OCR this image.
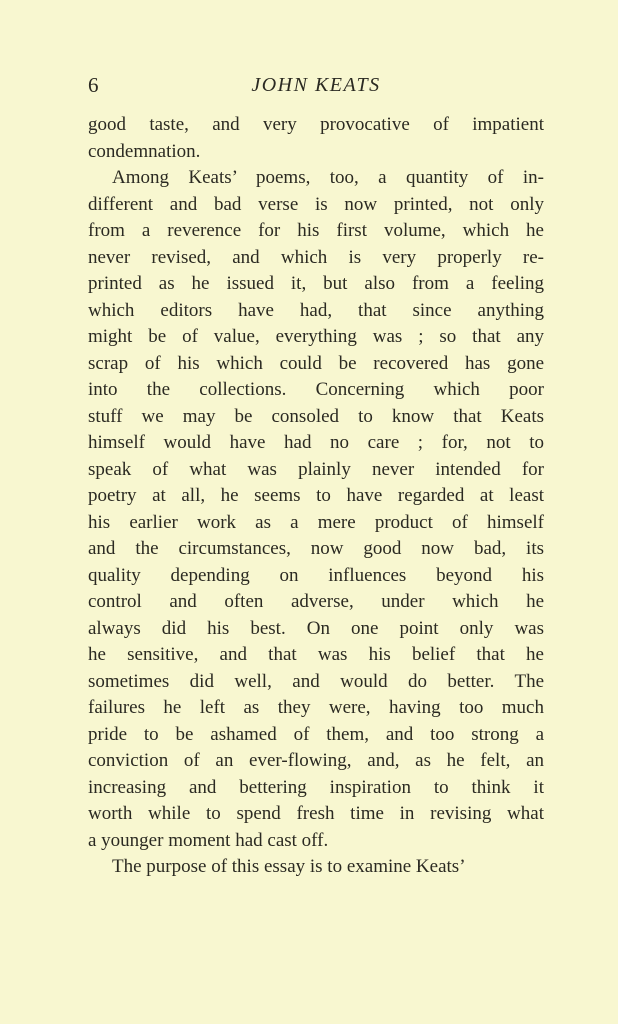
6	JOHN KEATS
good taste, and very provocative of impatient
condemnation.
Among Keats’ poems, too, a quantity of in-
different and bad verse is now printed, not only
from a reverence for his first volume, which he
never revised, and which is very properly re-
printed as he issued it, but also from a feeling
which editors have had, that since anything
might be of value, everything was ; so that any
scrap of his which could be recovered has gone
into the collections. Concerning which poor
stuff we may be consoled to know that Keats
himself would have had no care ; for, not to
speak of what was plainly never intended for
poetry at all, he seems to have regarded at least
his earlier work as a mere product of himself
and the circumstances, now good now bad, its
quality depending on influences beyond his
control and often adverse, under which he
always did his best. On one point only was
he sensitive, and that was his belief that he
sometimes did well, and would do better. The
failures he left as they were, having too much
pride to be ashamed of them, and too strong a
conviction of an ever-flowing, and, as he felt, an
increasing and bettering inspiration to think it
worth while to spend fresh time in revising what
a younger moment had cast off.
The purpose of this essay is to examine Keats’
